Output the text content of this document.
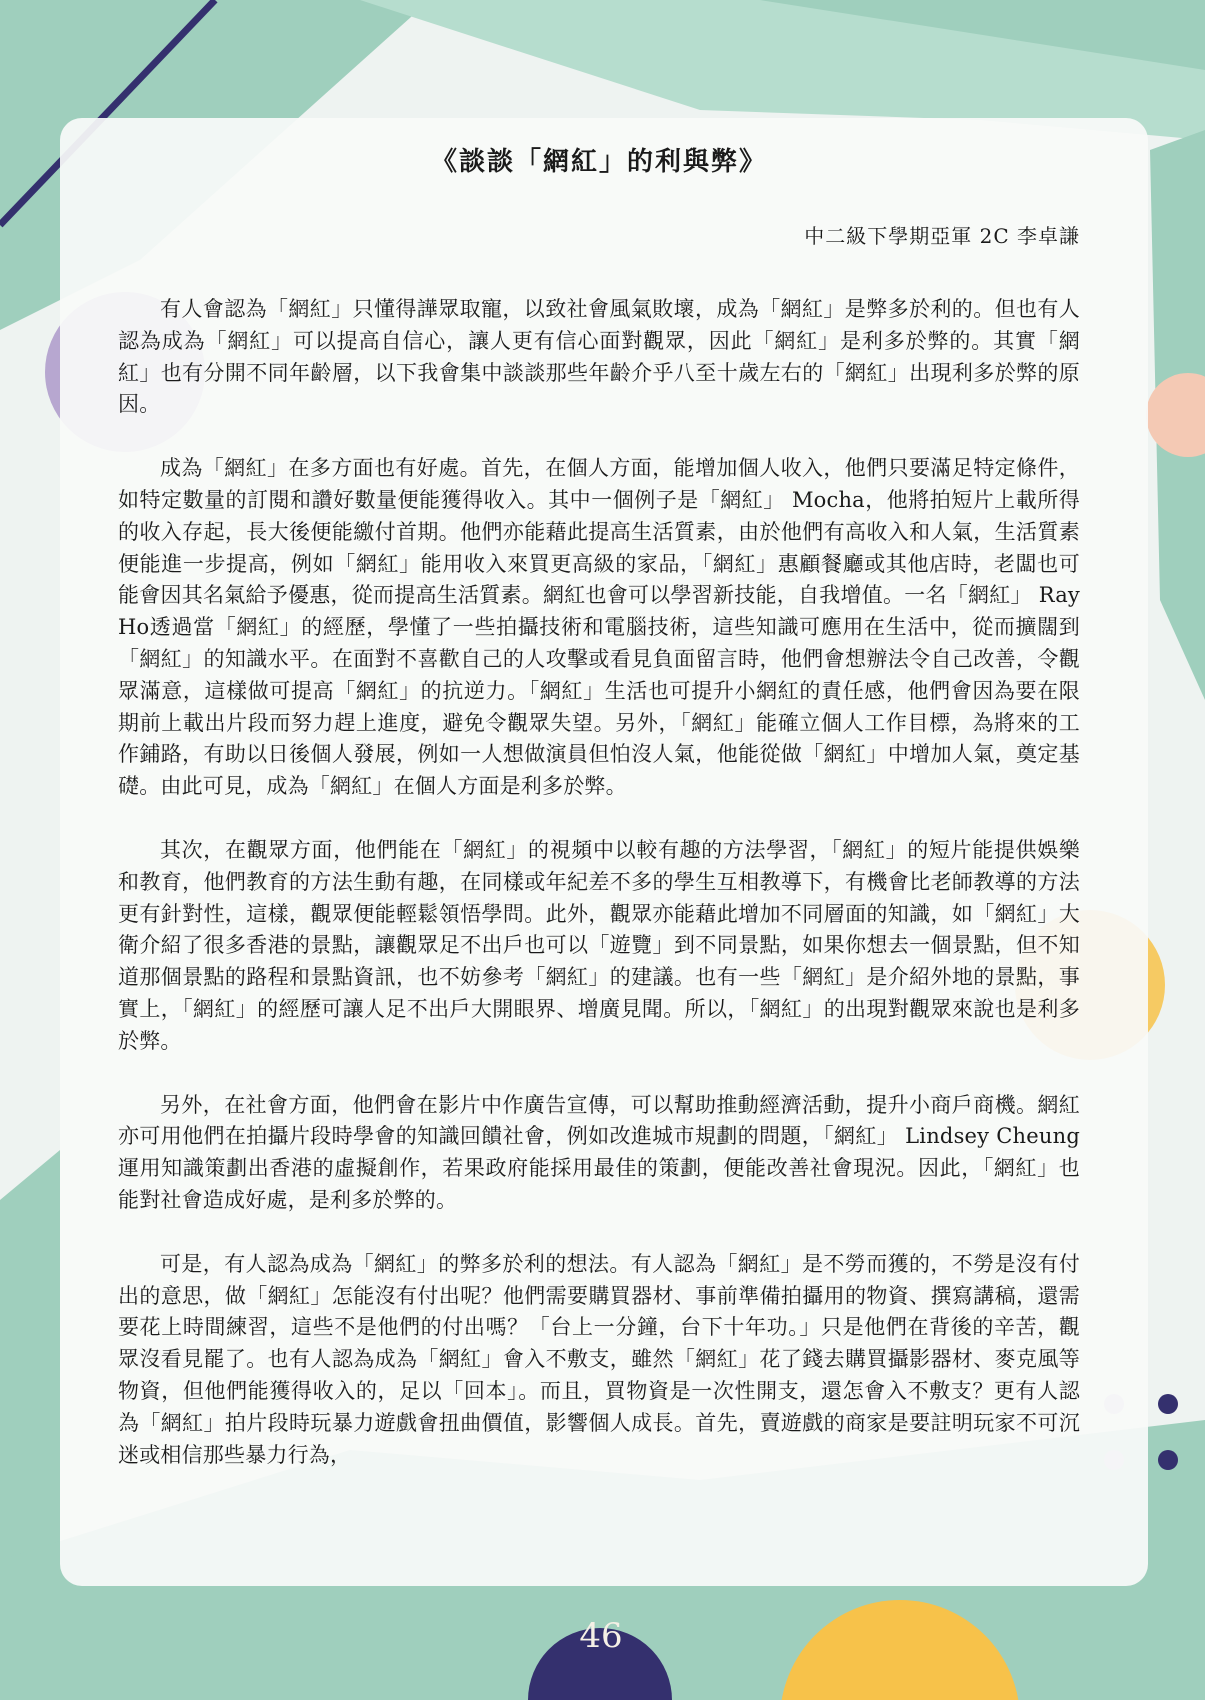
《談談「網紅」的利與弊》
中二級下學期亞軍 2C 李卓謙

有人會認為「網紅」只懂得譁眾取寵，以致社會風氣敗壞，成為「網紅」是弊多於利的。但也有人認為成為「網紅」可以提高自信心，讓人更有信心面對觀眾，因此「網紅」是利多於弊的。其實「網紅」也有分開不同年齡層，以下我會集中談談那些年齡介乎八至十歲左右的「網紅」出現利多於弊的原因。

成為「網紅」在多方面也有好處。首先，在個人方面，能增加個人收入，他們只要滿足特定條件，如特定數量的訂閱和讚好數量便能獲得收入。其中一個例子是「網紅」 Mocha，他將拍短片上載所得的收入存起，長大後便能繳付首期。他們亦能藉此提高生活質素，由於他們有高收入和人氣，生活質素便能進一步提高，例如「網紅」能用收入來買更高級的家品，「網紅」惠顧餐廳或其他店時，老闆也可能會因其名氣給予優惠，從而提高生活質素。網紅也會可以學習新技能，自我增值。一名「網紅」 Ray Ho透過當「網紅」的經歷，學懂了一些拍攝技術和電腦技術，這些知識可應用在生活中，從而擴闊到「網紅」的知識水平。在面對不喜歡自己的人攻擊或看見負面留言時，他們會想辦法令自己改善，令觀眾滿意，這樣做可提高「網紅」的抗逆力。「網紅」生活也可提升小網紅的責任感，他們會因為要在限期前上載出片段而努力趕上進度，避免令觀眾失望。另外，「網紅」能確立個人工作目標，為將來的工作鋪路，有助以日後個人發展，例如一人想做演員但怕沒人氣，他能從做「網紅」中增加人氣，奠定基礎。由此可見，成為「網紅」在個人方面是利多於弊。

其次，在觀眾方面，他們能在「網紅」的視頻中以較有趣的方法學習，「網紅」的短片能提供娛樂和教育，他們教育的方法生動有趣，在同樣或年紀差不多的學生互相教導下，有機會比老師教導的方法更有針對性，這樣，觀眾便能輕鬆領悟學問。此外，觀眾亦能藉此增加不同層面的知識，如「網紅」大衛介紹了很多香港的景點，讓觀眾足不出戶也可以「遊覽」到不同景點，如果你想去一個景點，但不知道那個景點的路程和景點資訊，也不妨參考「網紅」的建議。也有一些「網紅」是介紹外地的景點，事實上，「網紅」的經歷可讓人足不出戶大開眼界、增廣見聞。所以，「網紅」的出現對觀眾來說也是利多於弊。

另外，在社會方面，他們會在影片中作廣告宣傳，可以幫助推動經濟活動，提升小商戶商機。網紅亦可用他們在拍攝片段時學會的知識回饋社會，例如改進城市規劃的問題，「網紅」 Lindsey Cheung運用知識策劃出香港的虛擬創作，若果政府能採用最佳的策劃，便能改善社會現況。因此，「網紅」也能對社會造成好處，是利多於弊的。

可是，有人認為成為「網紅」的弊多於利的想法。有人認為「網紅」是不勞而獲的，不勞是沒有付出的意思，做「網紅」怎能沒有付出呢？他們需要購買器材、事前準備拍攝用的物資、撰寫講稿，還需要花上時間練習，這些不是他們的付出嗎？「台上一分鐘，台下十年功。」只是他們在背後的辛苦，觀眾沒看見罷了。也有人認為成為「網紅」會入不敷支，雖然「網紅」花了錢去購買攝影器材、麥克風等物資，但他們能獲得收入的，足以「回本」。而且，買物資是一次性開支，還怎會入不敷支？更有人認為「網紅」拍片段時玩暴力遊戲會扭曲價值，影響個人成長。首先，賣遊戲的商家是要註明玩家不可沉迷或相信那些暴力行為，

46
